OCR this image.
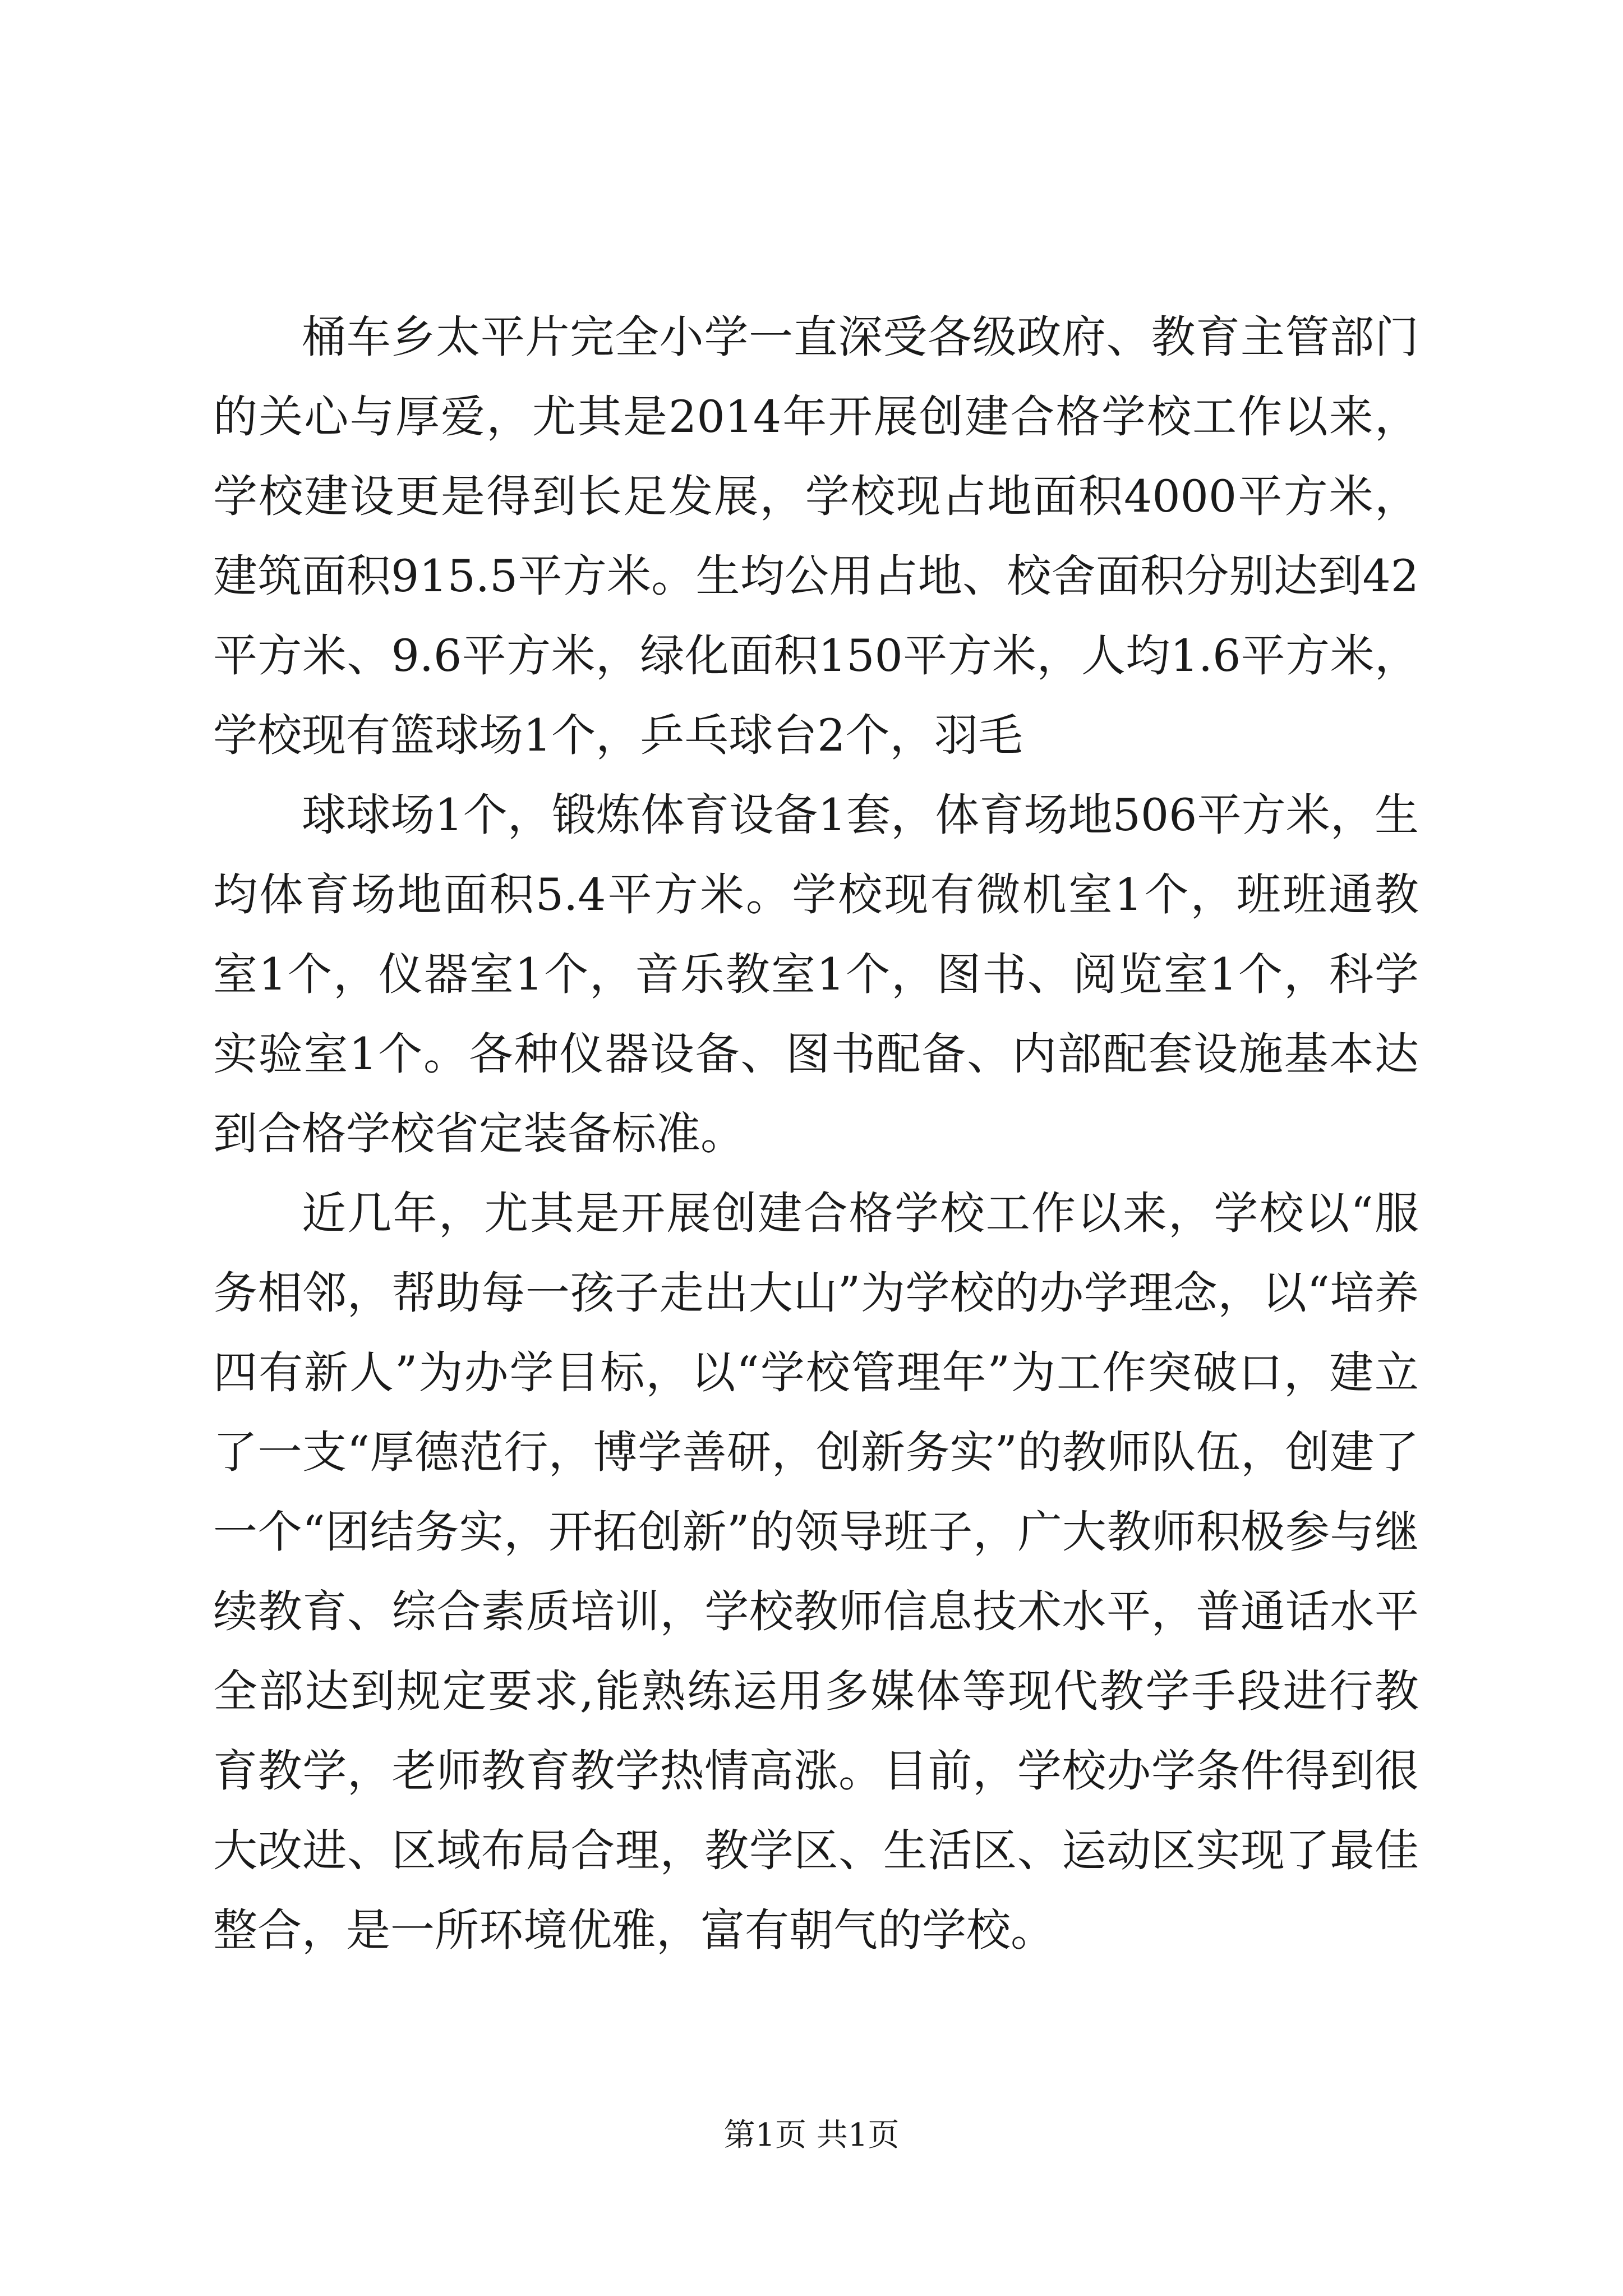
桶车乡太平片完全小学一直深受各级政府、教育主管部门的关心与厚爱，尤其是2014年开展创建合格学校工作以来，学校建设更是得到长足发展，学校现占地面积4000平方米，建筑面积915.5平方米。生均公用占地、校舍面积分别达到42平方米、9.6平方米，绿化面积150平方米，人均1.6平方米，学校现有篮球场1个，乒乓球台2个，羽毛

球球场1个，锻炼体育设备1套，体育场地506平方米，生均体育场地面积5.4平方米。学校现有微机室1个，班班通教室1个，仪器室1个，音乐教室1个，图书、阅览室1个，科学实验室1个。各种仪器设备、图书配备、内部配套设施基本达到合格学校省定装备标准。

近几年，尤其是开展创建合格学校工作以来，学校以“服务相邻，帮助每一孩子走出大山”为学校的办学理念，以“培养四有新人”为办学目标，以“学校管理年”为工作突破口，建立了一支“厚德范行，博学善研，创新务实”的教师队伍，创建了一个“团结务实，开拓创新”的领导班子，广大教师积极参与继续教育、综合素质培训，学校教师信息技术水平，普通话水平全部达到规定要求,能熟练运用多媒体等现代教学手段进行教育教学，老师教育教学热情高涨。目前，学校办学条件得到很大改进、区域布局合理，教学区、生活区、运动区实现了最佳整合，是一所环境优雅，富有朝气的学校。

第1页 共1页
